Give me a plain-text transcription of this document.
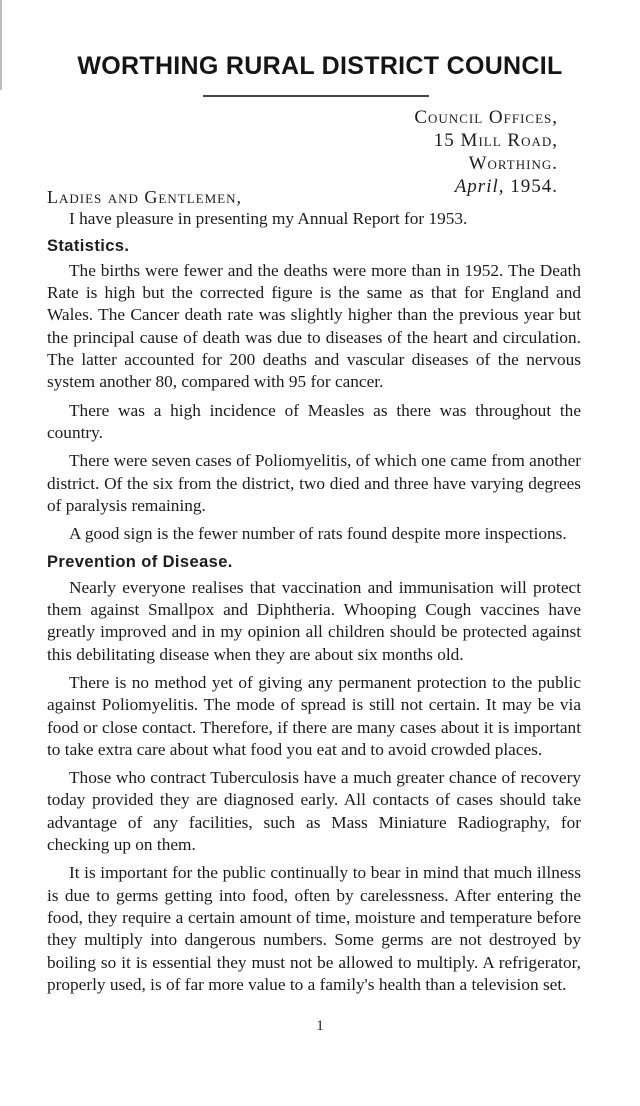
WORTHING RURAL DISTRICT COUNCIL
Council Offices,
15 Mill Road,
Worthing.
April, 1954.

Ladies and Gentlemen,

I have pleasure in presenting my Annual Report for 1953.

Statistics.

The births were fewer and the deaths were more than in 1952. The Death Rate is high but the corrected figure is the same as that for England and Wales. The Cancer death rate was slightly higher than the previous year but the principal cause of death was due to diseases of the heart and circulation. The latter accounted for 200 deaths and vascular diseases of the nervous system another 80, compared with 95 for cancer.

There was a high incidence of Measles as there was throughout the country.

There were seven cases of Poliomyelitis, of which one came from another district. Of the six from the district, two died and three have varying degrees of paralysis remaining.

A good sign is the fewer number of rats found despite more inspections.

Prevention of Disease.

Nearly everyone realises that vaccination and immunisation will protect them against Smallpox and Diphtheria. Whooping Cough vaccines have greatly improved and in my opinion all children should be protected against this debilitating disease when they are about six months old.

There is no method yet of giving any permanent protection to the public against Poliomyelitis. The mode of spread is still not certain. It may be via food or close contact. Therefore, if there are many cases about it is important to take extra care about what food you eat and to avoid crowded places.

Those who contract Tuberculosis have a much greater chance of recovery today provided they are diagnosed early. All contacts of cases should take advantage of any facilities, such as Mass Miniature Radiography, for checking up on them.

It is important for the public continually to bear in mind that much illness is due to germs getting into food, often by carelessness. After entering the food, they require a certain amount of time, moisture and temperature before they multiply into dangerous numbers. Some germs are not destroyed by boiling so it is essential they must not be allowed to multiply. A refrigerator, properly used, is of far more value to a family's health than a television set.

1
